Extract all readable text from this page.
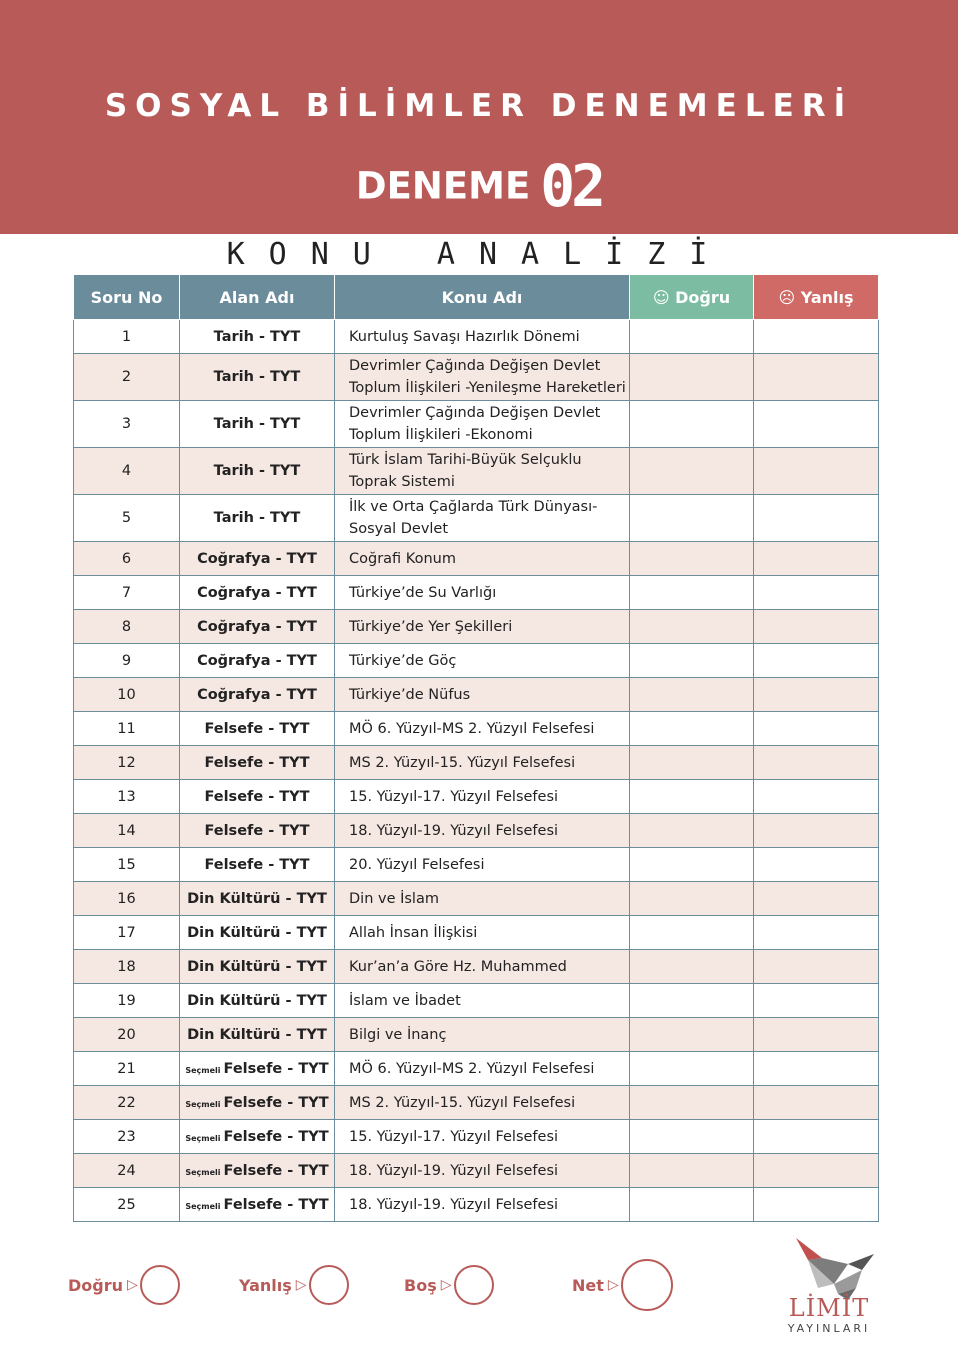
SOSYAL BİLİMLER DENEMELERİ
DENEME 02
KONU ANALİZİ
Soru No	Alan Adı	Konu Adı	☺ Doğru	☹ Yanlış
1	Tarih - TYT	Kurtuluş Savaşı Hazırlık Dönemi		
2	Tarih - TYT	Devrimler Çağında Değişen Devlet Toplum İlişkileri -Yenileşme Hareketleri		
3	Tarih - TYT	Devrimler Çağında Değişen Devlet Toplum İlişkileri -Ekonomi		
4	Tarih - TYT	Türk İslam Tarihi-Büyük Selçuklu Toprak Sistemi		
5	Tarih - TYT	İlk ve Orta Çağlarda Türk Dünyası-Sosyal Devlet		
6	Coğrafya - TYT	Coğrafi Konum		
7	Coğrafya - TYT	Türkiye’de Su Varlığı		
8	Coğrafya - TYT	Türkiye’de Yer Şekilleri		
9	Coğrafya - TYT	Türkiye’de Göç		
10	Coğrafya - TYT	Türkiye’de Nüfus		
11	Felsefe - TYT	MÖ 6. Yüzyıl-MS 2. Yüzyıl Felsefesi		
12	Felsefe - TYT	MS 2. Yüzyıl-15. Yüzyıl Felsefesi		
13	Felsefe - TYT	15. Yüzyıl-17. Yüzyıl Felsefesi		
14	Felsefe - TYT	18. Yüzyıl-19. Yüzyıl Felsefesi		
15	Felsefe - TYT	20. Yüzyıl Felsefesi		
16	Din Kültürü - TYT	Din ve İslam		
17	Din Kültürü - TYT	Allah İnsan İlişkisi		
18	Din Kültürü - TYT	Kur’an’a Göre Hz. Muhammed		
19	Din Kültürü - TYT	İslam ve İbadet		
20	Din Kültürü - TYT	Bilgi ve İnanç		
21	Seçmeli Felsefe - TYT	MÖ 6. Yüzyıl-MS 2. Yüzyıl Felsefesi		
22	Seçmeli Felsefe - TYT	MS 2. Yüzyıl-15. Yüzyıl Felsefesi		
23	Seçmeli Felsefe - TYT	15. Yüzyıl-17. Yüzyıl Felsefesi		
24	Seçmeli Felsefe - TYT	18. Yüzyıl-19. Yüzyıl Felsefesi		
25	Seçmeli Felsefe - TYT	18. Yüzyıl-19. Yüzyıl Felsefesi		
Doğru ▷	Yanlış ▷	Boş ▷	Net ▷
LİMİT
YAYINLARI
